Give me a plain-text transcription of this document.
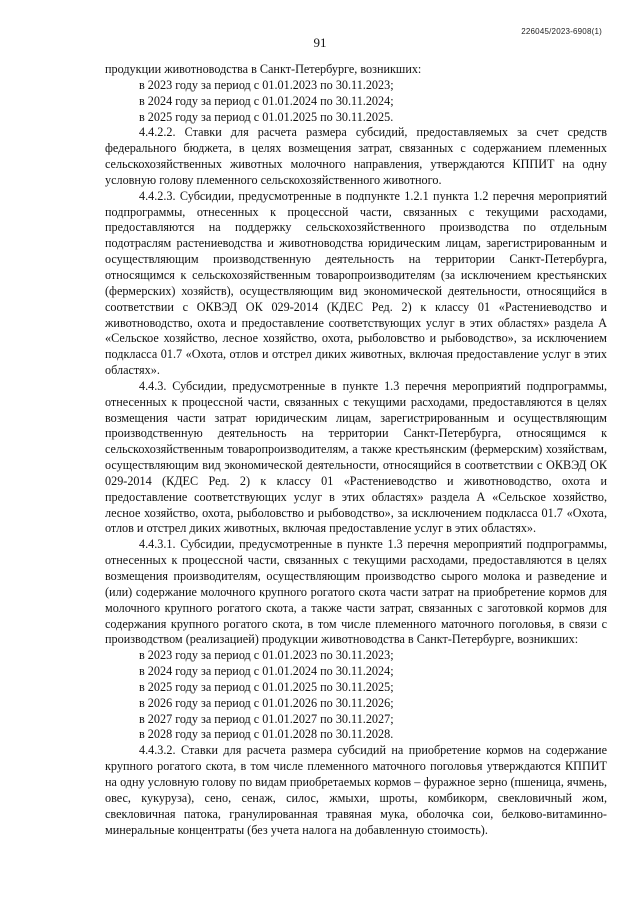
226045/2023-6908(1)
91

продукции животноводства в Санкт-Петербурге, возникших:

в 2023 году за период с 01.01.2023 по 30.11.2023;

в 2024 году за период с 01.01.2024 по 30.11.2024;

в 2025 году за период с 01.01.2025 по 30.11.2025.

4.4.2.2. Ставки для расчета размера субсидий, предоставляемых за счет средств федерального бюджета, в целях возмещения затрат, связанных с содержанием племенных сельскохозяйственных животных молочного направления, утверждаются КППИТ на одну условную голову племенного сельскохозяйственного животного.

4.4.2.3. Субсидии, предусмотренные в подпункте 1.2.1 пункта 1.2 перечня мероприятий подпрограммы, отнесенных к процессной части, связанных с текущими расходами, предоставляются на поддержку сельскохозяйственного производства по отдельным подотраслям растениеводства и животноводства юридическим лицам, зарегистрированным и осуществляющим производственную деятельность на территории Санкт-Петербурга, относящимся к сельскохозяйственным товаропроизводителям (за исключением крестьянских (фермерских) хозяйств), осуществляющим вид экономической деятельности, относящийся в соответствии с ОКВЭД ОК 029-2014 (КДЕС Ред. 2) к классу 01 «Растениеводство и животноводство, охота и предоставление соответствующих услуг в этих областях» раздела А «Сельское хозяйство, лесное хозяйство, охота, рыболовство и рыбоводство», за исключением подкласса 01.7 «Охота, отлов и отстрел диких животных, включая предоставление услуг в этих областях».

4.4.3. Субсидии, предусмотренные в пункте 1.3 перечня мероприятий подпрограммы, отнесенных к процессной части, связанных с текущими расходами, предоставляются в целях возмещения части затрат юридическим лицам, зарегистрированным и осуществляющим производственную деятельность на территории Санкт-Петербурга, относящимся к сельскохозяйственным товаропроизводителям, а также крестьянским (фермерским) хозяйствам, осуществляющим вид экономической деятельности, относящийся в соответствии с ОКВЭД ОК 029-2014 (КДЕС Ред. 2) к классу 01 «Растениеводство и животноводство, охота и предоставление соответствующих услуг в этих областях» раздела А «Сельское хозяйство, лесное хозяйство, охота, рыболовство и рыбоводство», за исключением подкласса 01.7 «Охота, отлов и отстрел диких животных, включая предоставление услуг в этих областях».

4.4.3.1. Субсидии, предусмотренные в пункте 1.3 перечня мероприятий подпрограммы, отнесенных к процессной части, связанных с текущими расходами, предоставляются в целях возмещения производителям, осуществляющим производство сырого молока и разведение и (или) содержание молочного крупного рогатого скота части затрат на приобретение кормов для молочного крупного рогатого скота, а также части затрат, связанных с заготовкой кормов для содержания крупного рогатого скота, в том числе племенного маточного поголовья, в связи с производством (реализацией) продукции животноводства в Санкт-Петербурге, возникших:

в 2023 году за период с 01.01.2023 по 30.11.2023;

в 2024 году за период с 01.01.2024 по 30.11.2024;

в 2025 году за период с 01.01.2025 по 30.11.2025;

в 2026 году за период с 01.01.2026 по 30.11.2026;

в 2027 году за период с 01.01.2027 по 30.11.2027;

в 2028 году за период с 01.01.2028 по 30.11.2028.

4.4.3.2. Ставки для расчета размера субсидий на приобретение кормов на содержание крупного рогатого скота, в том числе племенного маточного поголовья утверждаются КППИТ на одну условную голову по видам приобретаемых кормов – фуражное зерно (пшеница, ячмень, овес, кукуруза), сено, сенаж, силос, жмыхи, шроты, комбикорм, свекловичный жом, свекловичная патока, гранулированная травяная мука, оболочка сои, белково-витаминно-минеральные концентраты (без учета налога на добавленную стоимость).
